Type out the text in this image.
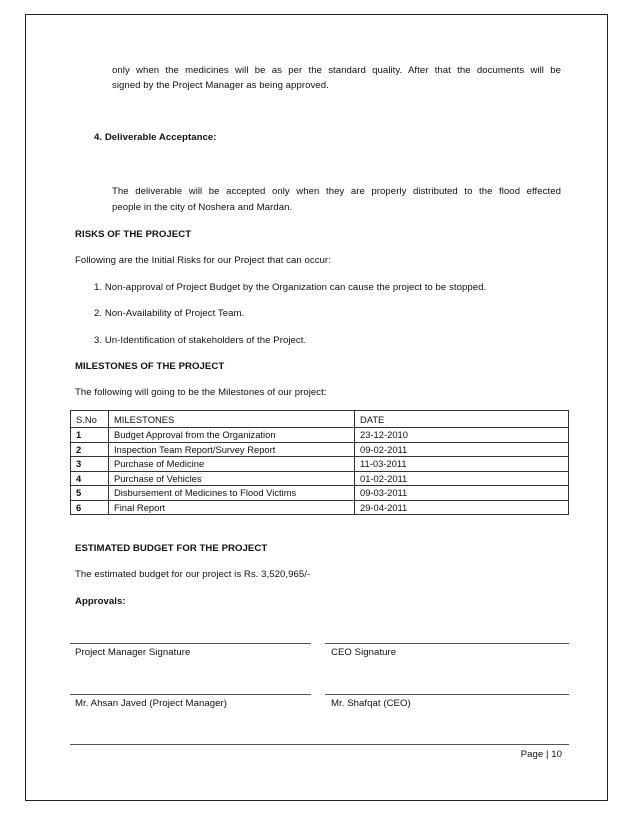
only when the medicines will be as per the standard quality. After that the documents will be
signed by the Project Manager as being approved.
4. Deliverable Acceptance:
The deliverable will be accepted only when they are properly distributed to the flood effected
people in the city of Noshera and Mardan.
RISKS OF THE PROJECT
Following are the Initial Risks for our Project that can occur:
1. Non-approval of Project Budget by the Organization can cause the project to be stopped.
2. Non-Availability of Project Team.
3. Un-Identification of stakeholders of the Project.
MILESTONES OF THE PROJECT
The following will going to be the Milestones of our project:
S.No	MILESTONES	DATE
1	Budget Approval from the Organization	23-12-2010
2	Inspection Team Report/Survey Report	09-02-2011
3	Purchase of Medicine	11-03-2011
4	Purchase of Vehicles	01-02-2011
5	Disbursement of Medicines to Flood Victims	09-03-2011
6	Final Report	29-04-2011
ESTIMATED BUDGET FOR THE PROJECT
The estimated budget for our project is Rs. 3,520,965/-
Approvals:
Project Manager Signature	CEO Signature
Mr. Ahsan Javed (Project Manager)	Mr. Shafqat (CEO)
Page | 10
